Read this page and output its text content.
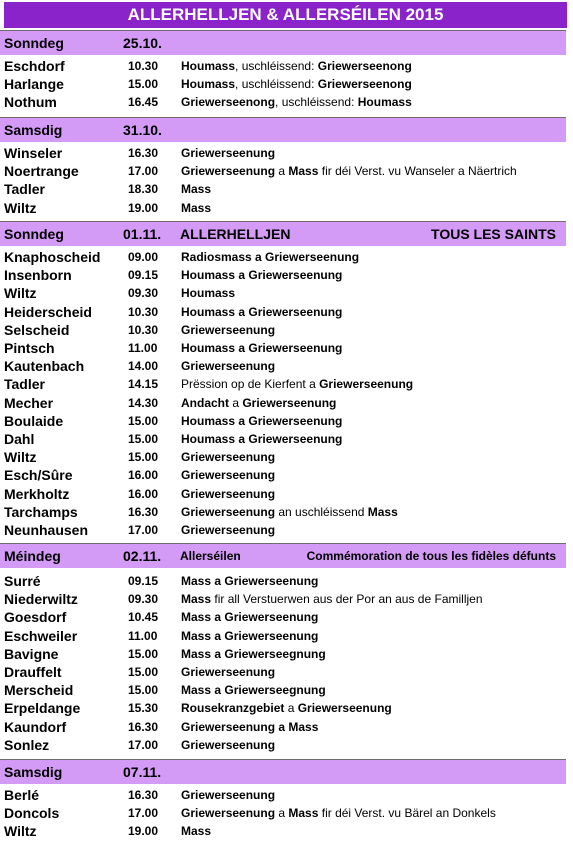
ALLERHELLJEN & ALLERSÉILEN 2015
Sonndeg	25.10.
Eschdorf	10.30 Houmass, uschléissend: Griewerseenong
Harlange	15.00 Houmass, uschléissend: Griewerseenong
Nothum	16.45 Griewerseenong, uschléissend: Houmass
Samsdig	31.10.
Winseler	16.30 Griewerseenung
Noertrange	17.00 Griewerseenung a Mass fir déi Verst. vu Wanseler a Näertrich
Tadler	18.30 Mass
Wiltz	19.00 Mass
Sonndeg	01.11. ALLERHELLJEN	TOUS LES SAINTS
Knaphoscheid 09.00 Radiosmass a Griewerseenung
Insenborn	09.15 Houmass a Griewerseenung
Wiltz	09.30 Houmass
Heiderscheid	10.30 Houmass a Griewerseenung
Selscheid	10.30 Griewerseenung
Pintsch	11.00 Houmass a Griewerseenung
Kautenbach	14.00 Griewerseenung
Tadler	14.15 Prëssion op de Kierfent a Griewerseenung
Mecher	14.30 Andacht a Griewerseenung
Boulaide	15.00 Houmass a Griewerseenung
Dahl	15.00 Houmass a Griewerseenung
Wiltz	15.00 Griewerseenung
Esch/Sûre	16.00 Griewerseenung
Merkholtz	16.00 Griewerseenung
Tarchamps	16.30 Griewerseenung an uschléissend Mass
Neunhausen	17.00 Griewerseenung
Méindeg	02.11. Allerséilen	Commémoration de tous les fidèles défunts
Surré	09.15 Mass a Griewerseenung
Niederwiltz	09.30 Mass fir all Verstuerwen aus der Por an aus de Familljen
Goesdorf	10.45 Mass a Griewerseenung
Eschweiler	11.00 Mass a Griewerseenung
Bavigne	15.00 Mass a Griewerseegnung
Drauffelt	15.00 Griewerseenung
Merscheid	15.00 Mass a Griewerseegnung
Erpeldange	15.30 Rousekranzgebiet a Griewerseenung
Kaundorf	16.30 Griewerseenung a Mass
Sonlez	17.00 Griewerseenung
Samsdig	07.11.
Berlé	16.30 Griewerseenung
Doncols	17.00 Griewerseenung a Mass fir déi Verst. vu Bärel an Donkels
Wiltz	19.00 Mass
